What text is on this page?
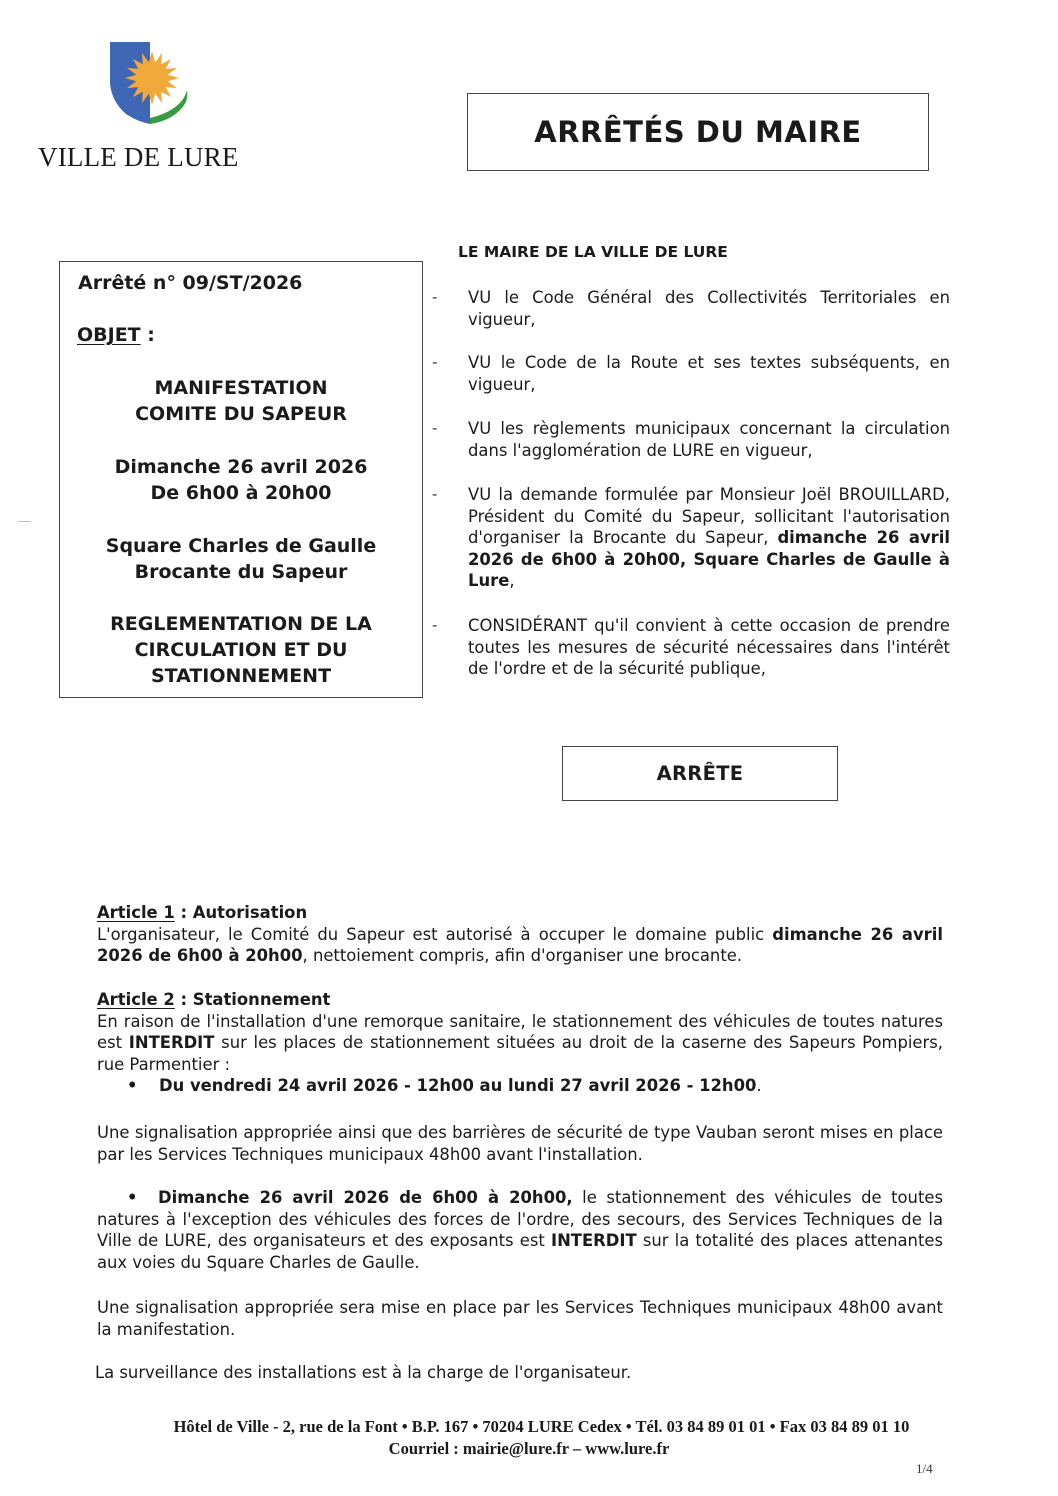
VILLE DE LURE
ARRÊTÉS DU MAIRE
Arrêté n° 09/ST/2026
OBJET :
MANIFESTATION
COMITE DU SAPEUR
Dimanche 26 avril 2026
De 6h00 à 20h00
Square Charles de Gaulle
Brocante du Sapeur
REGLEMENTATION DE LA
CIRCULATION ET DU
STATIONNEMENT
LE MAIRE DE LA VILLE DE LURE
-	VU le Code Général des Collectivités Territoriales en vigueur,
-	VU le Code de la Route et ses textes subséquents, en vigueur,
-	VU les règlements municipaux concernant la circulation dans l'agglomération de LURE en vigueur,
-	VU la demande formulée par Monsieur Joël BROUILLARD, Président du Comité du Sapeur, sollicitant l'autorisation d'organiser la Brocante du Sapeur, dimanche 26 avril 2026 de 6h00 à 20h00, Square Charles de Gaulle à Lure,
-	CONSIDÉRANT qu'il convient à cette occasion de prendre toutes les mesures de sécurité nécessaires dans l'intérêt de l'ordre et de la sécurité publique,
ARRÊTE
Article 1 : Autorisation

L'organisateur, le Comité du Sapeur est autorisé à occuper le domaine public dimanche 26 avril 2026 de 6h00 à 20h00, nettoiement compris, afin d'organiser une brocante.

Article 2 : Stationnement

En raison de l'installation d'une remorque sanitaire, le stationnement des véhicules de toutes natures est INTERDIT sur les places de stationnement situées au droit de la caserne des Sapeurs Pompiers, rue Parmentier :

• Du vendredi 24 avril 2026 - 12h00 au lundi 27 avril 2026 - 12h00.

Une signalisation appropriée ainsi que des barrières de sécurité de type Vauban seront mises en place par les Services Techniques municipaux 48h00 avant l'installation.

• Dimanche 26 avril 2026 de 6h00 à 20h00, le stationnement des véhicules de toutes natures à l'exception des véhicules des forces de l'ordre, des secours, des Services Techniques de la Ville de LURE, des organisateurs et des exposants est INTERDIT sur la totalité des places attenantes aux voies du Square Charles de Gaulle.

Une signalisation appropriée sera mise en place par les Services Techniques municipaux 48h00 avant la manifestation.

La surveillance des installations est à la charge de l'organisateur.

Hôtel de Ville - 2, rue de la Font • B.P. 167 • 70204 LURE Cedex • Tél. 03 84 89 01 01 • Fax 03 84 89 01 10
Courriel : mairie@lure.fr – www.lure.fr
1/4
